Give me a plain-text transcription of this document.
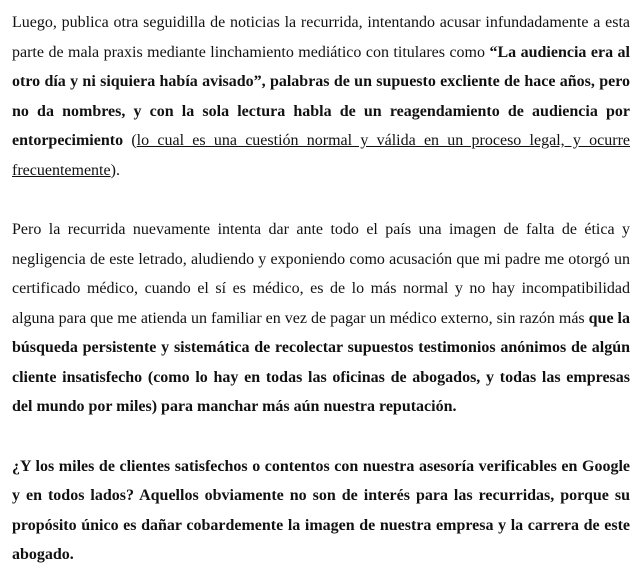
Luego, publica otra seguidilla de noticias la recurrida, intentando acusar infundadamente a esta parte de mala praxis mediante linchamiento mediático con titulares como “La audiencia era al otro día y ni siquiera había avisado”, palabras de un supuesto excliente de hace años, pero no da nombres, y con la sola lectura habla de un reagendamiento de audiencia por entorpecimiento (lo cual es una cuestión normal y válida en un proceso legal, y ocurre frecuentemente).

Pero la recurrida nuevamente intenta dar ante todo el país una imagen de falta de ética y negligencia de este letrado, aludiendo y exponiendo como acusación que mi padre me otorgó un certificado médico, cuando el sí es médico, es de lo más normal y no hay incompatibilidad alguna para que me atienda un familiar en vez de pagar un médico externo, sin razón más que la búsqueda persistente y sistemática de recolectar supuestos testimonios anónimos de algún cliente insatisfecho (como lo hay en todas las oficinas de abogados, y todas las empresas del mundo por miles) para manchar más aún nuestra reputación.

¿Y los miles de clientes satisfechos o contentos con nuestra asesoría verificables en Google y en todos lados? Aquellos obviamente no son de interés para las recurridas, porque su propósito único es dañar cobardemente la imagen de nuestra empresa y la carrera de este abogado.
